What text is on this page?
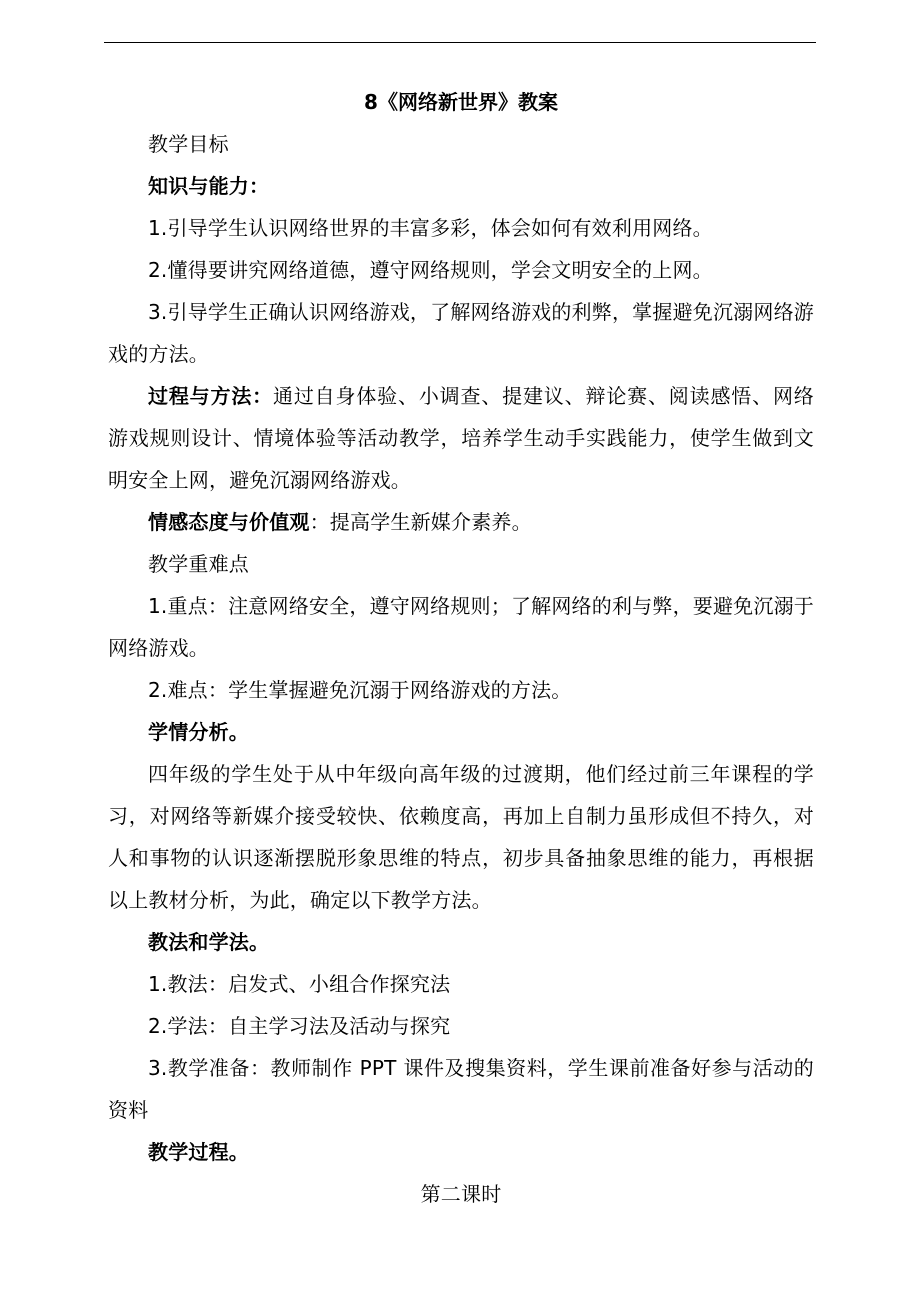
8《网络新世界》教案

教学目标

知识与能力：

1.引导学生认识网络世界的丰富多彩，体会如何有效利用网络。

2.懂得要讲究网络道德，遵守网络规则，学会文明安全的上网。

3.引导学生正确认识网络游戏，了解网络游戏的利弊，掌握避免沉溺网络游戏的方法。

过程与方法：通过自身体验、小调查、提建议、辩论赛、阅读感悟、网络游戏规则设计、情境体验等活动教学，培养学生动手实践能力，使学生做到文明安全上网，避免沉溺网络游戏。

情感态度与价值观：提高学生新媒介素养。

教学重难点

1.重点：注意网络安全，遵守网络规则；了解网络的利与弊，要避免沉溺于网络游戏。

2.难点：学生掌握避免沉溺于网络游戏的方法。

学情分析。

四年级的学生处于从中年级向高年级的过渡期，他们经过前三年课程的学习，对网络等新媒介接受较快、依赖度高，再加上自制力虽形成但不持久，对人和事物的认识逐渐摆脱形象思维的特点，初步具备抽象思维的能力，再根据以上教材分析，为此，确定以下教学方法。

教法和学法。

1.教法：启发式、小组合作探究法

2.学法：自主学习法及活动与探究

3.教学准备：教师制作 PPT 课件及搜集资料，学生课前准备好参与活动的资料

教学过程。

第二课时
